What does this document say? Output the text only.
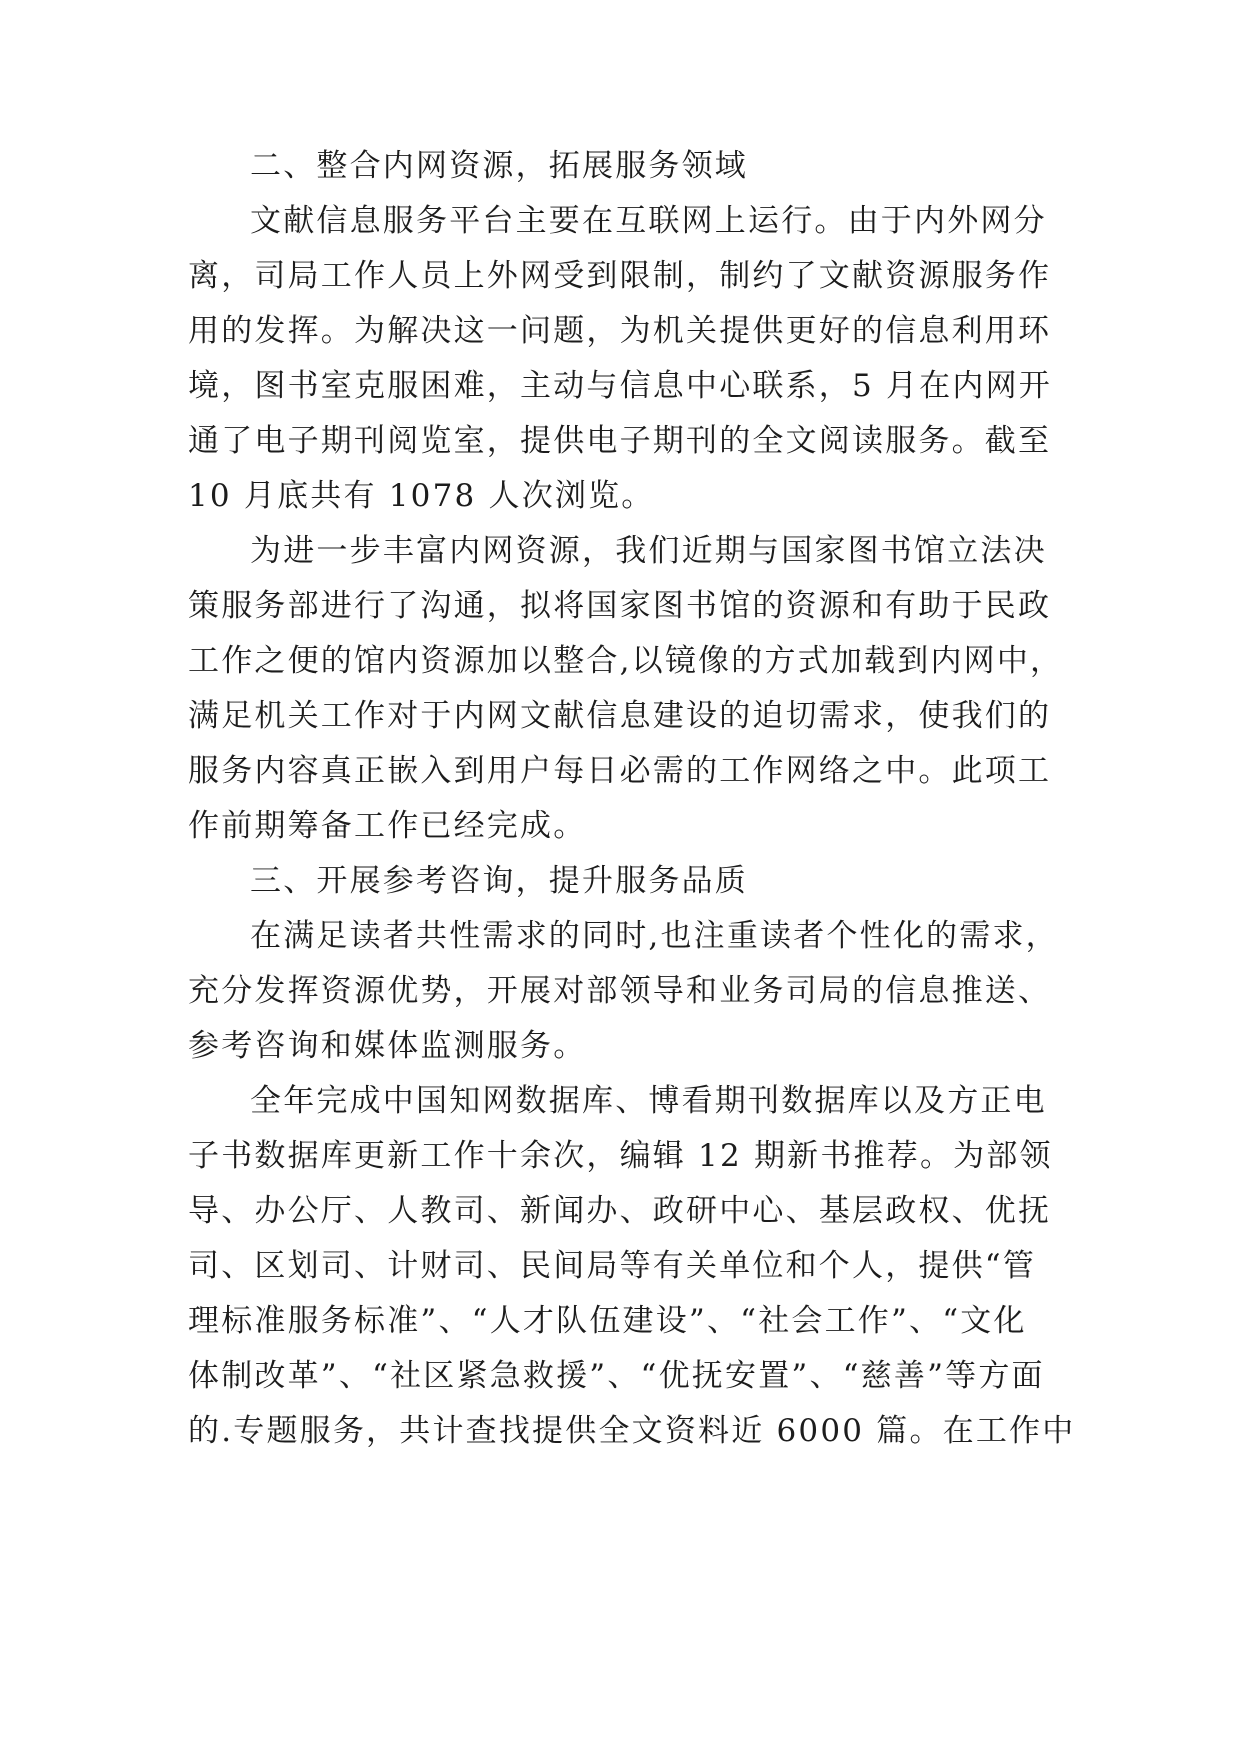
二、整合内网资源，拓展服务领域
文献信息服务平台主要在互联网上运行。由于内外网分
离，司局工作人员上外网受到限制，制约了文献资源服务作
用的发挥。为解决这一问题，为机关提供更好的信息利用环
境，图书室克服困难，主动与信息中心联系，5 月在内网开
通了电子期刊阅览室，提供电子期刊的全文阅读服务。截至
10 月底共有 1078 人次浏览。
为进一步丰富内网资源，我们近期与国家图书馆立法决
策服务部进行了沟通，拟将国家图书馆的资源和有助于民政
工作之便的馆内资源加以整合,以镜像的方式加载到内网中，
满足机关工作对于内网文献信息建设的迫切需求，使我们的
服务内容真正嵌入到用户每日必需的工作网络之中。此项工
作前期筹备工作已经完成。
三、开展参考咨询，提升服务品质
在满足读者共性需求的同时,也注重读者个性化的需求，
充分发挥资源优势，开展对部领导和业务司局的信息推送、
参考咨询和媒体监测服务。
全年完成中国知网数据库、博看期刊数据库以及方正电
子书数据库更新工作十余次，编辑 12 期新书推荐。为部领
导、办公厅、人教司、新闻办、政研中心、基层政权、优抚
司、区划司、计财司、民间局等有关单位和个人，提供“管
理标准服务标准”、“人才队伍建设”、“社会工作”、“文化
体制改革”、“社区紧急救援”、“优抚安置”、“慈善”等方面
的.专题服务，共计查找提供全文资料近 6000 篇。在工作中
